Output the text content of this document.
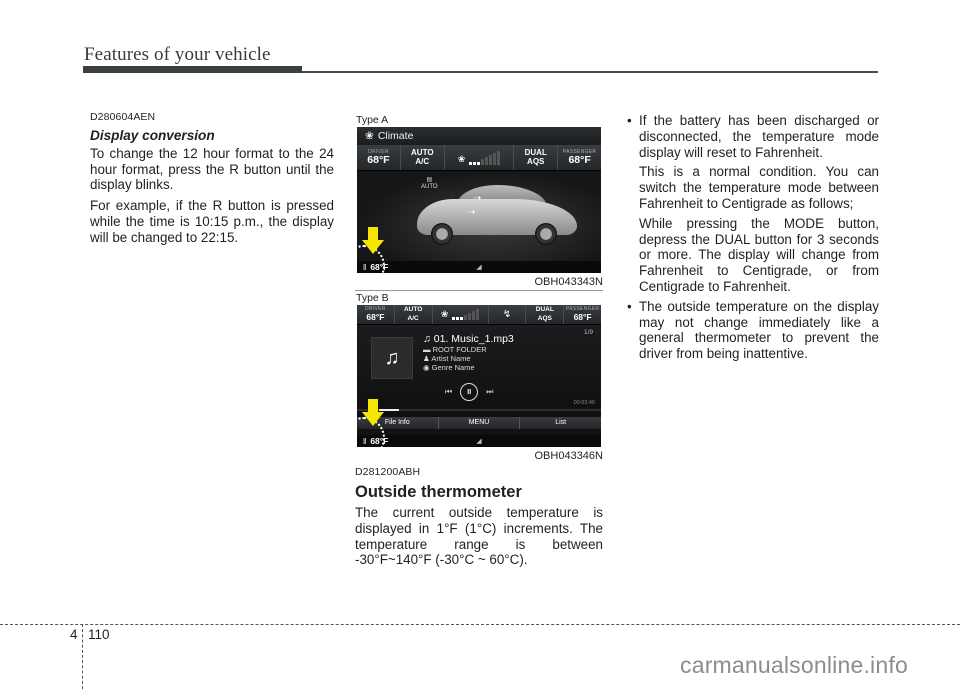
Features of your vehicle
D280604AEN
Display conversion

To change the 12 hour format to the 24 hour format, press the R button until the display blinks.

For example, if the R button is pressed while the time is 10:15 p.m., the display will be changed to 22:15.

Type A
❀ Climate
DRIVER
68°F
AUTO
A/C	❀
DUAL
AQS
PASSENGER
68°F
▤
AUTO
➝
➝
‖ 68°F	◢
OBH043343N
Type B
DRIVER
68°F
AUTO
A/C ❀	↯	DUAL
AQS
PASSENGER
68°F
♫
♫ 01. Music_1.mp3
▬ ROOT FOLDER
♟ Artist Name
◉ Genre Name
1/9
⏮	II	⏭
00:03:46
File Info	MENU	List
‖ 68°F	◢
OBH043346N
D281200ABH
Outside thermometer

The current outside temperature is displayed in 1°F (1°C) increments. The temperature range is between -30°F~140°F (-30°C ~ 60°C).

• If the battery has been discharged or disconnected, the temperature mode display will reset to Fahrenheit.

This is a normal condition. You can switch the temperature mode between Fahrenheit to Centigrade as follows;

While pressing the MODE button, depress the DUAL button for 3 seconds or more. The display will change from Fahrenheit to Centigrade, or from Centigrade to Fahrenheit.

• The outside temperature on the display may not change immediately like a general thermometer to prevent the driver from being inattentive.

4 110
carmanualsonline.info
